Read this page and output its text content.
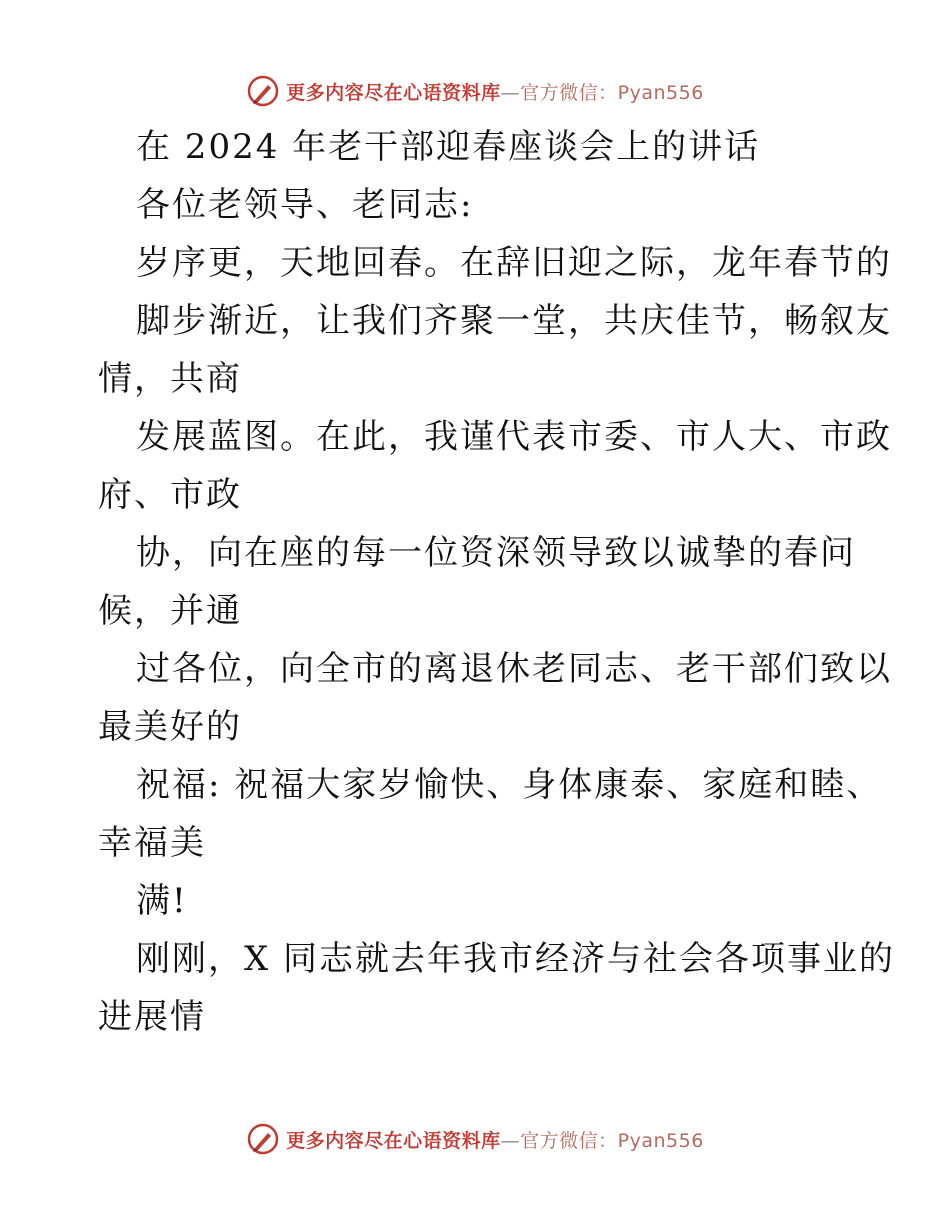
更多内容尽在心语资料库—官方微信：Pyan556
在 2024 年老干部迎春座谈会上的讲话
各位老领导、老同志:
岁序更，天地回春。在辞旧迎之际，龙年春节的
脚步渐近，让我们齐聚一堂，共庆佳节，畅叙友
情，共商
发展蓝图。在此，我谨代表市委、市人大、市政
府、市政
协，向在座的每一位资深领导致以诚挚的春问
候，并通
过各位，向全市的离退休老同志、老干部们致以
最美好的
祝福: 祝福大家岁愉快、身体康泰、家庭和睦、
幸福美
满!
刚刚，X 同志就去年我市经济与社会各项事业的
进展情
更多内容尽在心语资料库—官方微信：Pyan556
